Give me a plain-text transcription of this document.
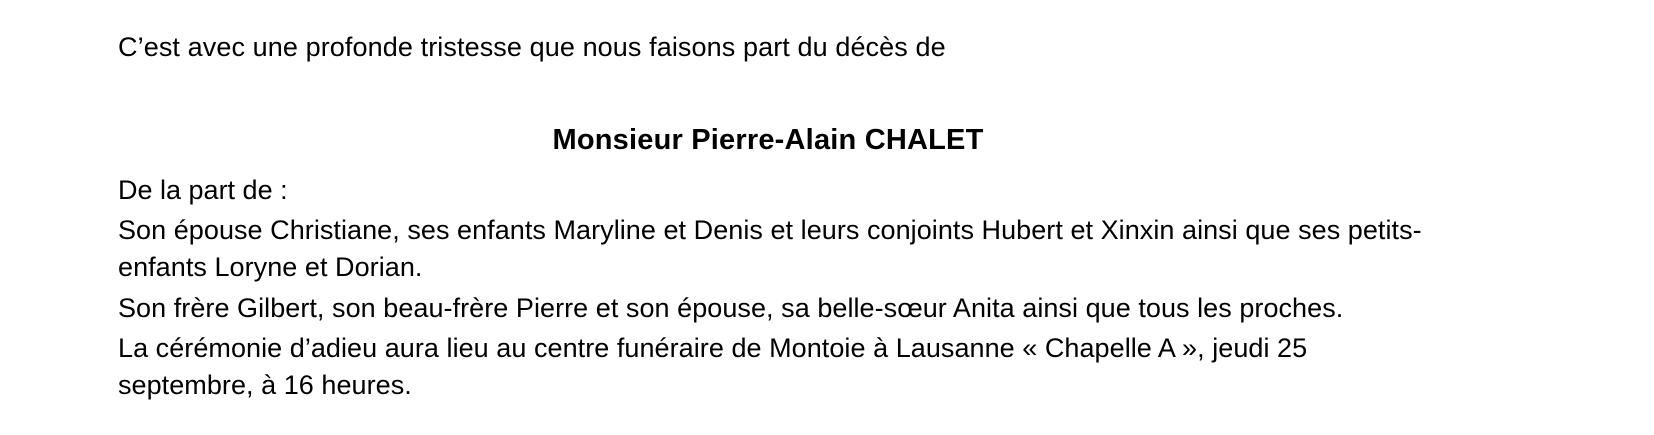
C’est avec une profonde tristesse que nous faisons part du décès de
Monsieur Pierre-Alain CHALET
De la part de :
Son épouse Christiane, ses enfants Maryline et Denis et leurs conjoints Hubert et Xinxin ainsi que ses petits-enfants Loryne et Dorian.
Son frère Gilbert, son beau-frère Pierre et son épouse, sa belle-sœur Anita ainsi que tous les proches.
La cérémonie d’adieu aura lieu au centre funéraire de Montoie à Lausanne « Chapelle A », jeudi 25 septembre, à 16 heures.
